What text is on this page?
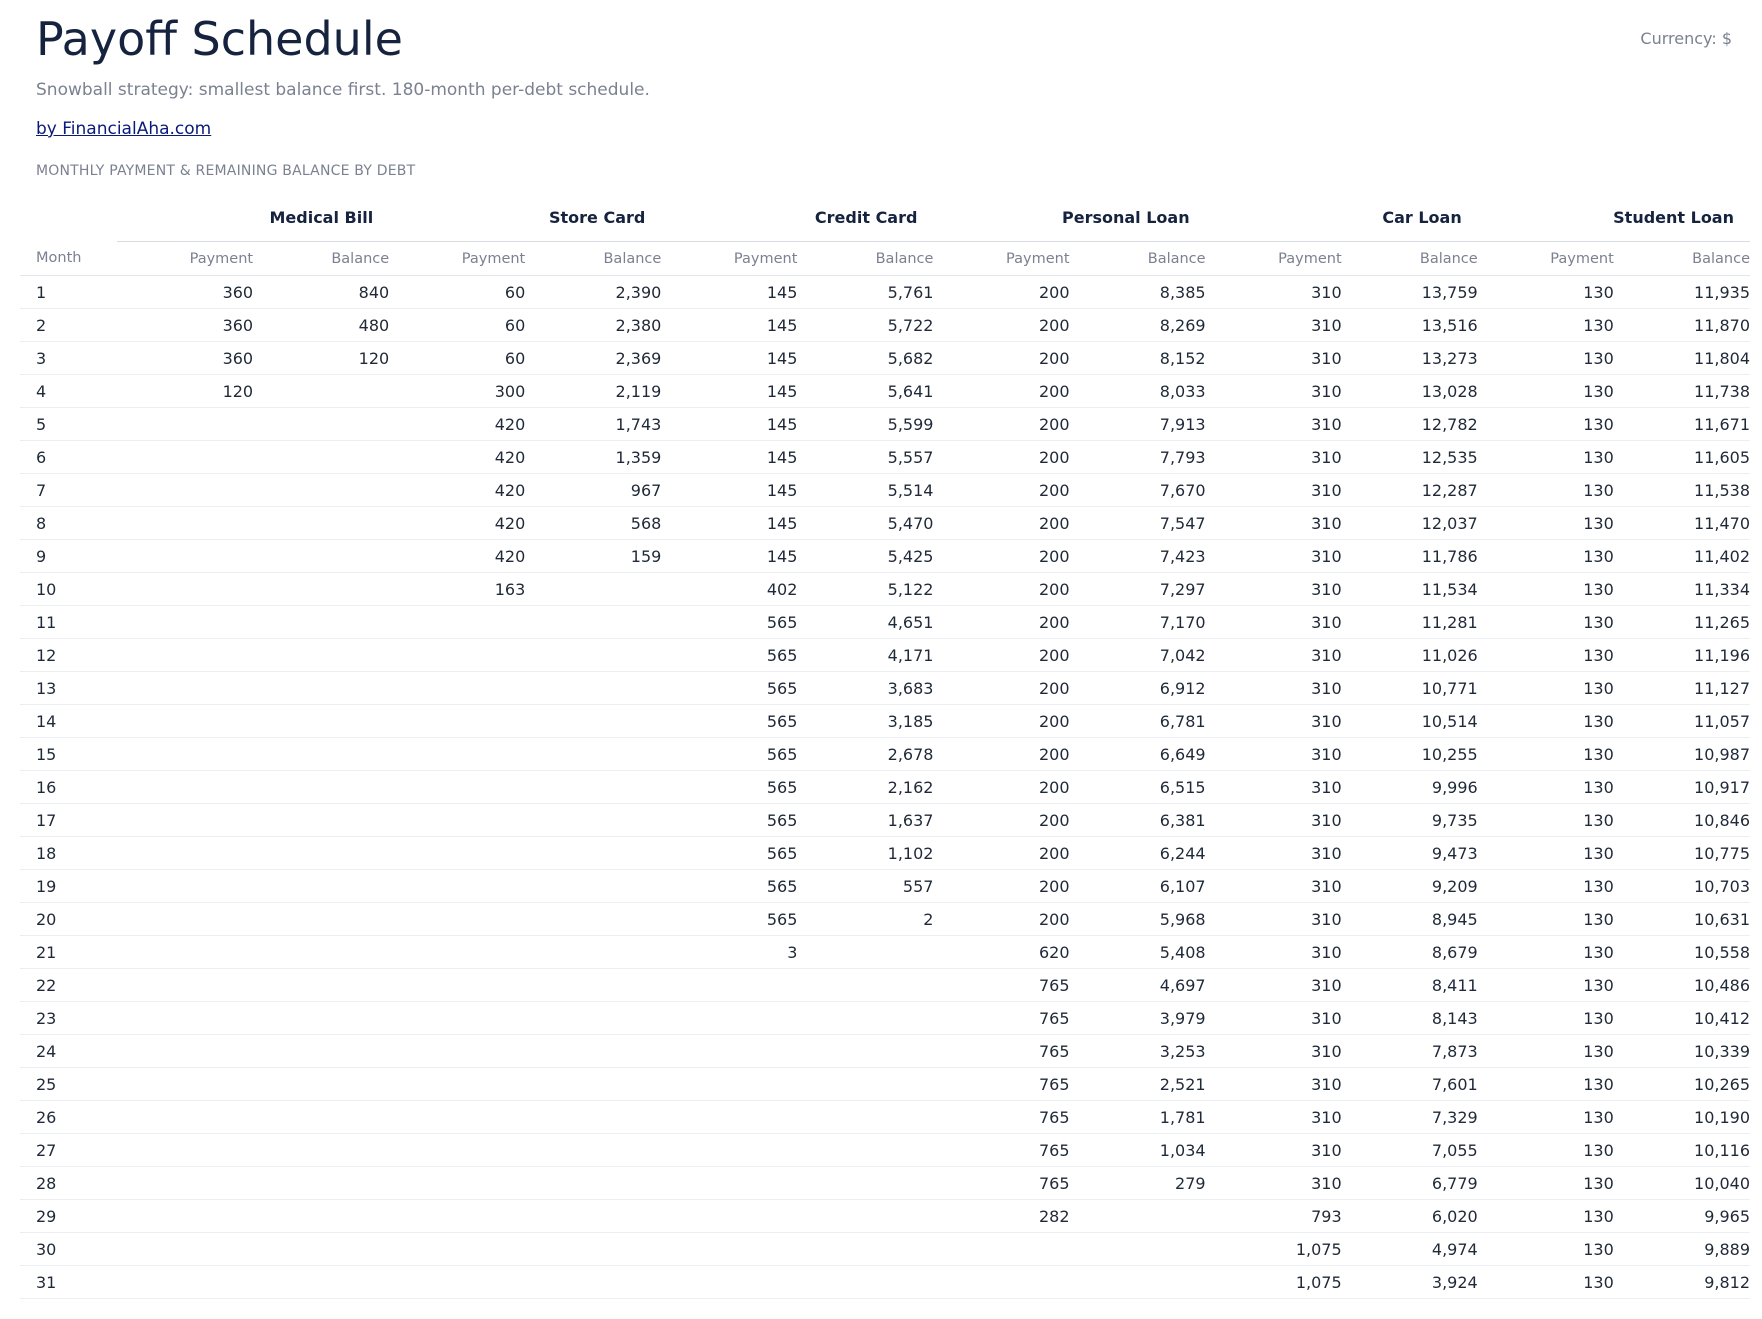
Payoff Schedule	Currency: $
Snowball strategy: smallest balance first. 180-month per-debt schedule.
by FinancialAha.com
MONTHLY PAYMENT & REMAINING BALANCE BY DEBT
	Medical Bill		Store Card		Credit Card		Personal Loan		Car Loan		Student Loan	
Month	Payment	Balance	Payment	Balance	Payment	Balance	Payment	Balance	Payment	Balance	Payment	Balance
1	360	840	60	2,390	145	5,761	200	8,385	310	13,759	130	11,935
2	360	480	60	2,380	145	5,722	200	8,269	310	13,516	130	11,870
3	360	120	60	2,369	145	5,682	200	8,152	310	13,273	130	11,804
4	120		300	2,119	145	5,641	200	8,033	310	13,028	130	11,738
5			420	1,743	145	5,599	200	7,913	310	12,782	130	11,671
6			420	1,359	145	5,557	200	7,793	310	12,535	130	11,605
7			420	967	145	5,514	200	7,670	310	12,287	130	11,538
8			420	568	145	5,470	200	7,547	310	12,037	130	11,470
9			420	159	145	5,425	200	7,423	310	11,786	130	11,402
10			163		402	5,122	200	7,297	310	11,534	130	11,334
11					565	4,651	200	7,170	310	11,281	130	11,265
12					565	4,171	200	7,042	310	11,026	130	11,196
13					565	3,683	200	6,912	310	10,771	130	11,127
14					565	3,185	200	6,781	310	10,514	130	11,057
15					565	2,678	200	6,649	310	10,255	130	10,987
16					565	2,162	200	6,515	310	9,996	130	10,917
17					565	1,637	200	6,381	310	9,735	130	10,846
18					565	1,102	200	6,244	310	9,473	130	10,775
19					565	557	200	6,107	310	9,209	130	10,703
20					565	2	200	5,968	310	8,945	130	10,631
21					3		620	5,408	310	8,679	130	10,558
22							765	4,697	310	8,411	130	10,486
23							765	3,979	310	8,143	130	10,412
24							765	3,253	310	7,873	130	10,339
25							765	2,521	310	7,601	130	10,265
26							765	1,781	310	7,329	130	10,190
27							765	1,034	310	7,055	130	10,116
28							765	279	310	6,779	130	10,040
29							282		793	6,020	130	9,965
30									1,075	4,974	130	9,889
31									1,075	3,924	130	9,812
